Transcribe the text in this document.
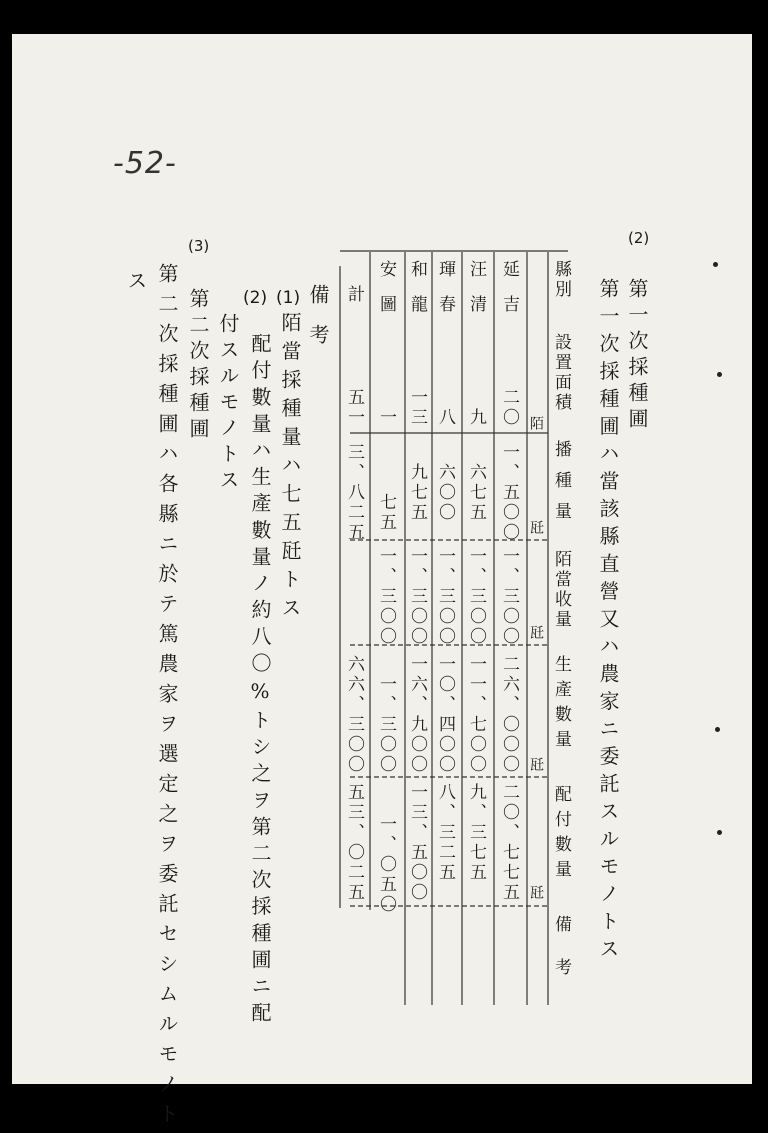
-52-
(2)
第一次採種圃
第一次採種圃ハ當該縣直營又ハ農家ニ委託スルモノトス
縣別
設置面積
播種量
陌當收量
生產數量
配付數量
備考
陌
瓩
瓩
瓩
瓩
延吉
二〇
一、五〇〇
一、三〇〇
二六、〇〇〇
二〇、七七五
汪清
九
六七五
一、三〇〇
一一、七〇〇
九、三七五
琿春
八
六〇〇
一、三〇〇
一〇、四〇〇
八、三二五
和龍
一三
九七五
一、三〇〇
一六、九〇〇
一三、五〇〇
安圖
一
七五
一、三〇〇
一、三〇〇
一、〇五〇
計
五一
三、八二五
六六、三〇〇
五三、〇二五
備考
(1)
陌當採種量ハ七五瓩トス
(2)
配付數量ハ生產數量ノ約八〇%トシ之ヲ第二次採種圃ニ配
付スルモノトス
(3)
第二次採種圃
第二次採種圃ハ各縣ニ於テ篤農家ヲ選定之ヲ委託セシムルモノト
ス
